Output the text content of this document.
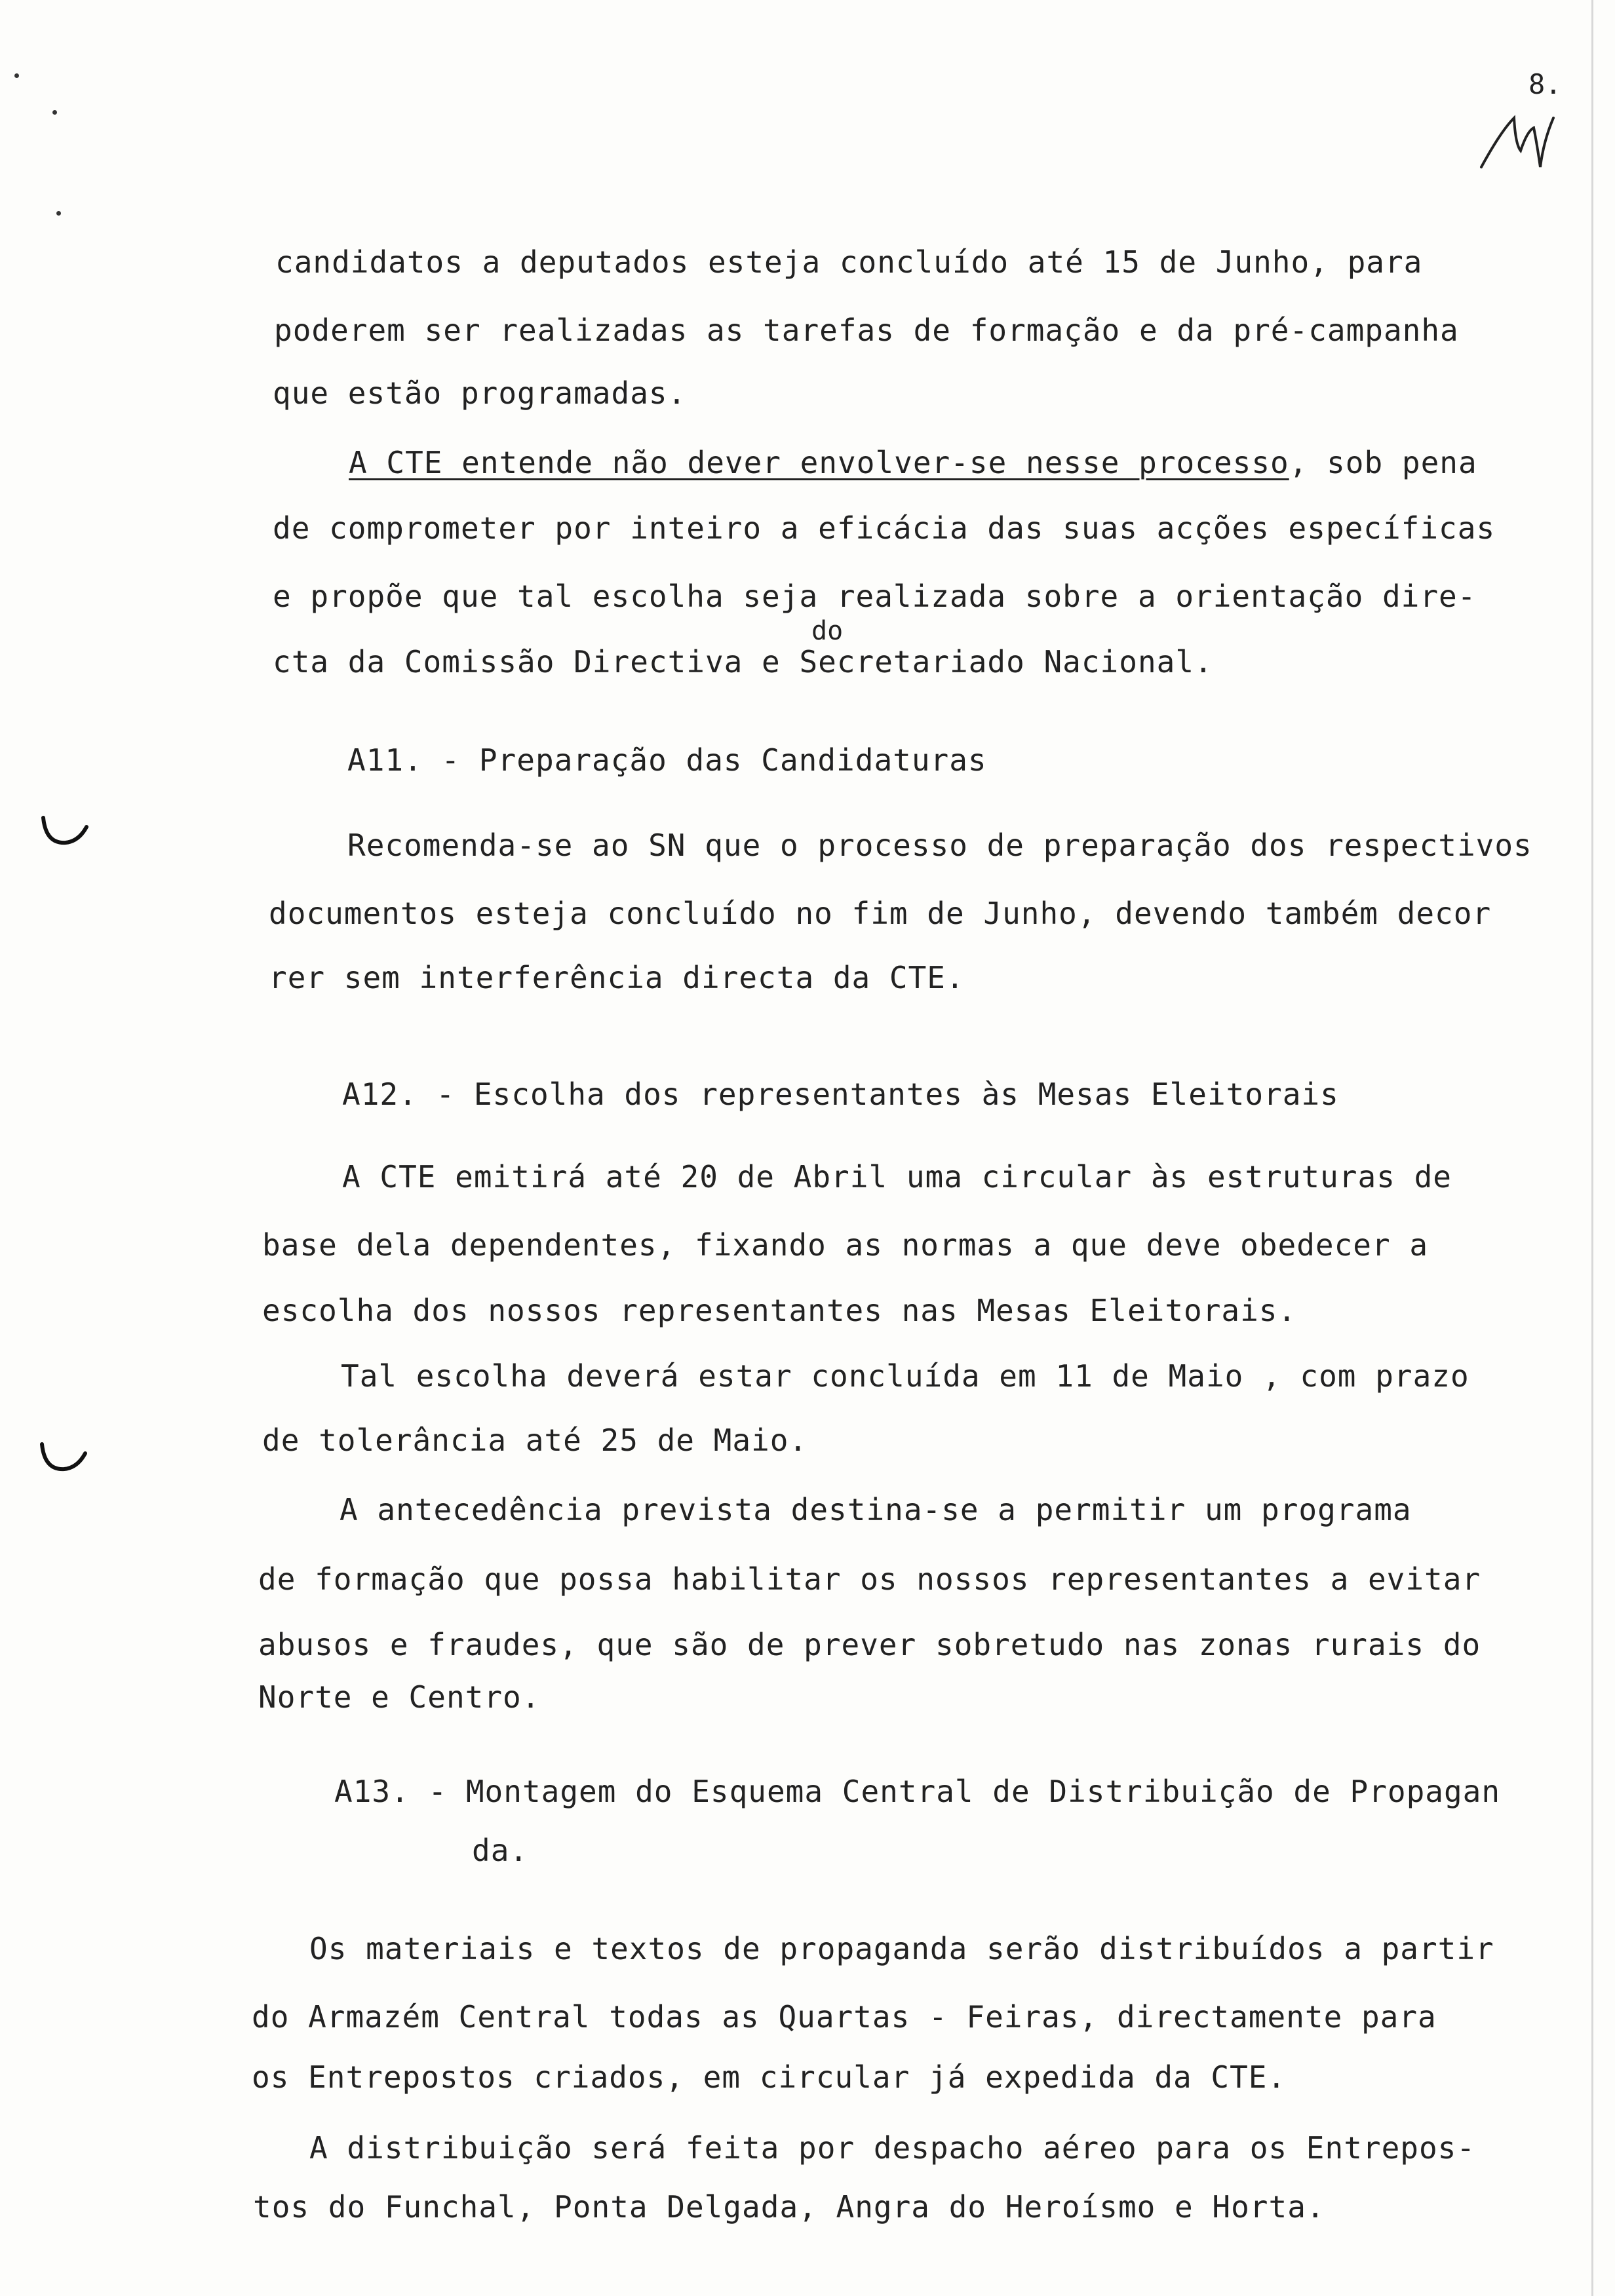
8.
candidatos a deputados esteja concluído até 15 de Junho, para
poderem ser realizadas as tarefas de formação e da pré-campanha
que estão programadas.
A CTE entende não dever envolver-se nesse processo, sob pena
de comprometer por inteiro a eficácia das suas acções específicas
e propõe que tal escolha seja realizada sobre a orientação dire-
do
cta da Comissão Directiva e Secretariado Nacional.
A11. - Preparação das Candidaturas
Recomenda-se ao SN que o processo de preparação dos respectivos
documentos esteja concluído no fim de Junho, devendo também decor
rer sem interferência directa da CTE.
A12. - Escolha dos representantes às Mesas Eleitorais
A CTE emitirá até 20 de Abril uma circular às estruturas de
base dela dependentes, fixando as normas a que deve obedecer a
escolha dos nossos representantes nas Mesas Eleitorais.
Tal escolha deverá estar concluída em 11 de Maio , com prazo
de tolerância até 25 de Maio.
A antecedência prevista destina-se a permitir um programa
de formação que possa habilitar os nossos representantes a evitar
abusos e fraudes, que são de prever sobretudo nas zonas rurais do
Norte e Centro.
A13. - Montagem do Esquema Central de Distribuição de Propagan
da.
Os materiais e textos de propaganda serão distribuídos a partir
do Armazém Central todas as Quartas - Feiras, directamente para
os Entrepostos criados, em circular já expedida da CTE.
A distribuição será feita por despacho aéreo para os Entrepos-
tos do Funchal, Ponta Delgada, Angra do Heroísmo e Horta.
